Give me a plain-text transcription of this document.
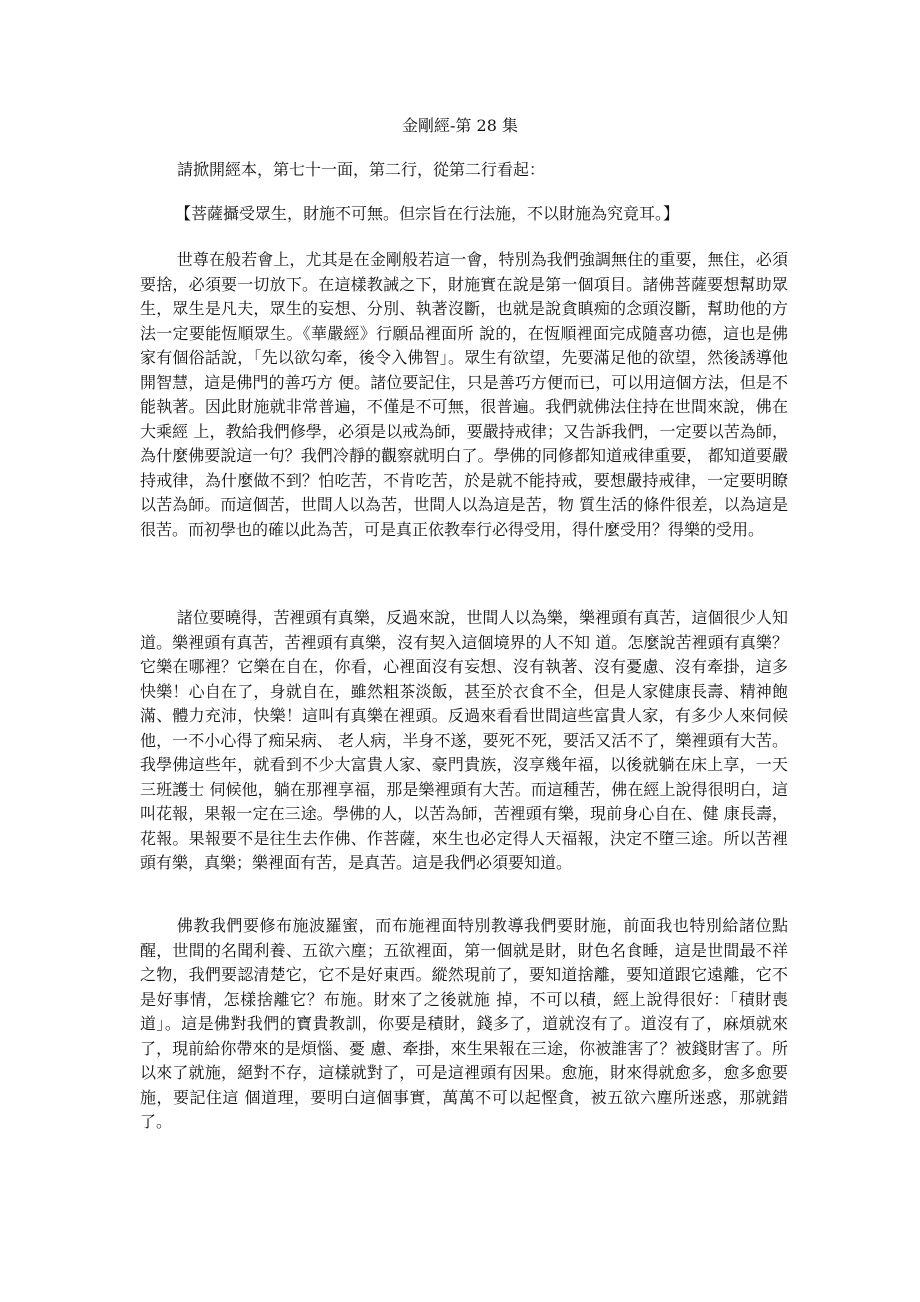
金剛經-第 28 集
請掀開經本，第七十一面，第二行，從第二行看起：
【菩薩攝受眾生，財施不可無。但宗旨在行法施，不以財施為究竟耳。】

世尊在般若會上，尤其是在金剛般若這一會，特別為我們強調無住的重要，無住，必須要捨，必須要一切放下。在這樣教誡之下，財施實在說是第一個項目。諸佛菩薩要想幫助眾生，眾生是凡夫，眾生的妄想、分別、執著沒斷，也就是說貪瞋痴的念頭沒斷，幫助他的方法一定要能恆順眾生。《華嚴經》行願品裡面所 說的，在恆順裡面完成隨喜功德，這也是佛家有個俗話說，「先以欲勾牽，後令入佛智」。眾生有欲望，先要滿足他的欲望，然後誘導他開智慧，這是佛門的善巧方 便。諸位要記住，只是善巧方便而已，可以用這個方法，但是不能執著。因此財施就非常普遍，不僅是不可無，很普遍。我們就佛法住持在世間來說，佛在大乘經 上，教給我們修學，必須是以戒為師，要嚴持戒律；又告訴我們，一定要以苦為師，為什麼佛要說這一句？我們冷靜的觀察就明白了。學佛的同修都知道戒律重要， 都知道要嚴持戒律，為什麼做不到？怕吃苦，不肯吃苦，於是就不能持戒，要想嚴持戒律，一定要明瞭以苦為師。而這個苦，世間人以為苦，世間人以為這是苦，物 質生活的條件很差，以為這是很苦。而初學也的確以此為苦，可是真正依教奉行必得受用，得什麼受用？得樂的受用。

諸位要曉得，苦裡頭有真樂，反過來說，世間人以為樂，樂裡頭有真苦，這個很少人知道。樂裡頭有真苦，苦裡頭有真樂，沒有契入這個境界的人不知 道。怎麼說苦裡頭有真樂？它樂在哪裡？它樂在自在，你看，心裡面沒有妄想、沒有執著、沒有憂慮、沒有牽掛，這多快樂！心自在了，身就自在，雖然粗茶淡飯，甚至於衣食不全，但是人家健康長壽、精神飽滿、體力充沛，快樂！這叫有真樂在裡頭。反過來看看世間這些富貴人家，有多少人來伺候他，一不小心得了痴呆病、 老人病，半身不遂，要死不死，要活又活不了，樂裡頭有大苦。我學佛這些年，就看到不少大富貴人家、豪門貴族，沒享幾年福，以後就躺在床上享，一天三班護士 伺候他，躺在那裡享福，那是樂裡頭有大苦。而這種苦，佛在經上說得很明白，這叫花報，果報一定在三途。學佛的人，以苦為師，苦裡頭有樂，現前身心自在、健 康長壽，花報。果報要不是往生去作佛、作菩薩，來生也必定得人天福報，決定不墮三途。所以苦裡頭有樂，真樂；樂裡面有苦，是真苦。這是我們必須要知道。

佛教我們要修布施波羅蜜，而布施裡面特別教導我們要財施，前面我也特別給諸位點醒，世間的名聞利養、五欲六塵；五欲裡面，第一個就是財，財色名食睡，這是世間最不祥之物，我們要認清楚它，它不是好東西。縱然現前了，要知道捨離，要知道跟它遠離，它不是好事情，怎樣捨離它？布施。財來了之後就施 掉，不可以積，經上說得很好：「積財喪道」。這是佛對我們的寶貴教訓，你要是積財，錢多了，道就沒有了。道沒有了，麻煩就來了，現前給你帶來的是煩惱、憂 慮、牽掛，來生果報在三途，你被誰害了？被錢財害了。所以來了就施，絕對不存，這樣就對了，可是這裡頭有因果。愈施，財來得就愈多，愈多愈要施，要記住這 個道理，要明白這個事實，萬萬不可以起慳貪，被五欲六塵所迷惑，那就錯了。
